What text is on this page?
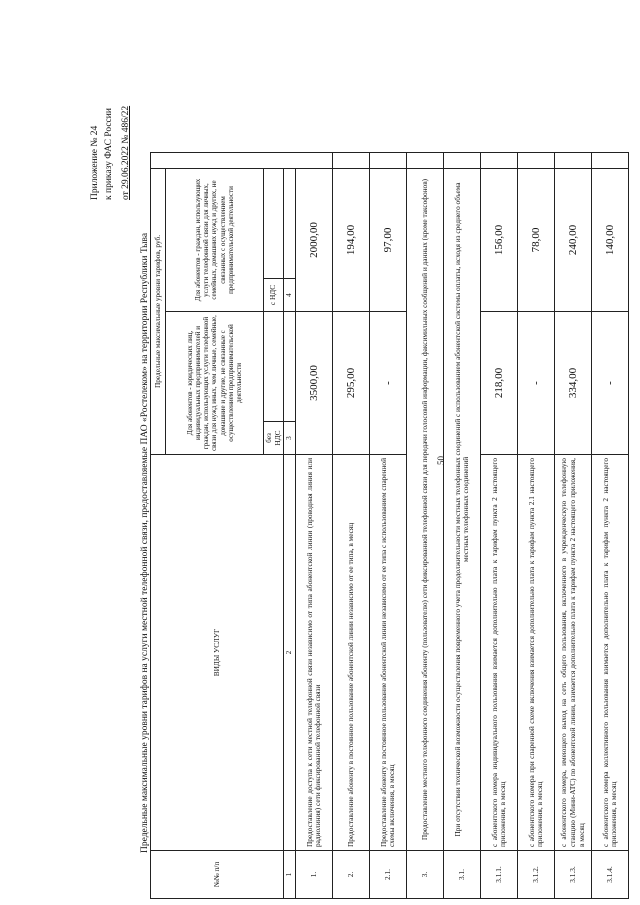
50
Приложение № 24 к приказу ФАС России от 29.06.2022 № 486/22
Предельные максимальные уровни тарифов на услуги местной телефонной связи, предоставляемые ПАО «Ростелеком» на территории Республики Тыва
№№ п/п	ВИДЫ УСЛУГ	Предельные максимальные уровни тарифов, руб.				
		Для абонентов - юридических лиц, индивидуальных предпринимателей и граждан, использующих услуги телефонной связи для нужд иных, чем личные, семейные, домашние и другие, не связанные с осуществлением предпринимательской деятельности		Для абонентов - граждан, использующих услуги телефонной связи для личных, семейных, домашних нужд и других, не связанных с осуществлением предпринимательской деятельности		
		без НДС		с НДС		
1	2	3		4		
1.	Предоставление доступа к сети местной телефонной связи независимо от типа абонентской линии (проводная линия или радиолиния) сети фиксированной телефонной связи	3500,00		2000,00		
2.	Предоставление абоненту в постоянное пользование абонентской линии независимо от ее типа, в месяц	295,00		194,00		
2.1.	Предоставление абоненту в постоянное пользование абонентской линии независимо от ее типа с использованием спаренной схемы включения, в месяц	-		97,00		
3.	Предоставление местного телефонного соединения абоненту (пользователю) сети фиксированной телефонной связи для передачи голосовой информации, факсимильных сообщений и данных (кроме таксофонов)					
3.1.	При отсутствии технической возможности осуществления повременного учета продолжительности местных телефонных соединений с использованием абонентской системы оплаты, исходя из среднего объема местных телефонных соединений					
3.1.1.	с абонентского номера индивидуального пользования взимается дополнительно плата к тарифам пункта 2 настоящего приложения, в месяц	218,00		156,00		
3.1.2.	с абонентского номера при спаренной схеме включения взимается дополнительно плата к тарифам пункта 2.1 настоящего приложения, в месяц	-		78,00		
3.1.3.	с абонентского номера, имеющего выход на сеть общего пользования, включенного в учрежденческую телефонную станцию (Мини-АТС) по абонентской линии, взимается дополнительно плата к тарифам пункта 2 настоящего приложения, в месяц	334,00		240,00		
3.1.4.	с абонентского номера коллективного пользования взимается дополнительно плата к тарифам пункта 2 настоящего приложения, в месяц	-		140,00		
